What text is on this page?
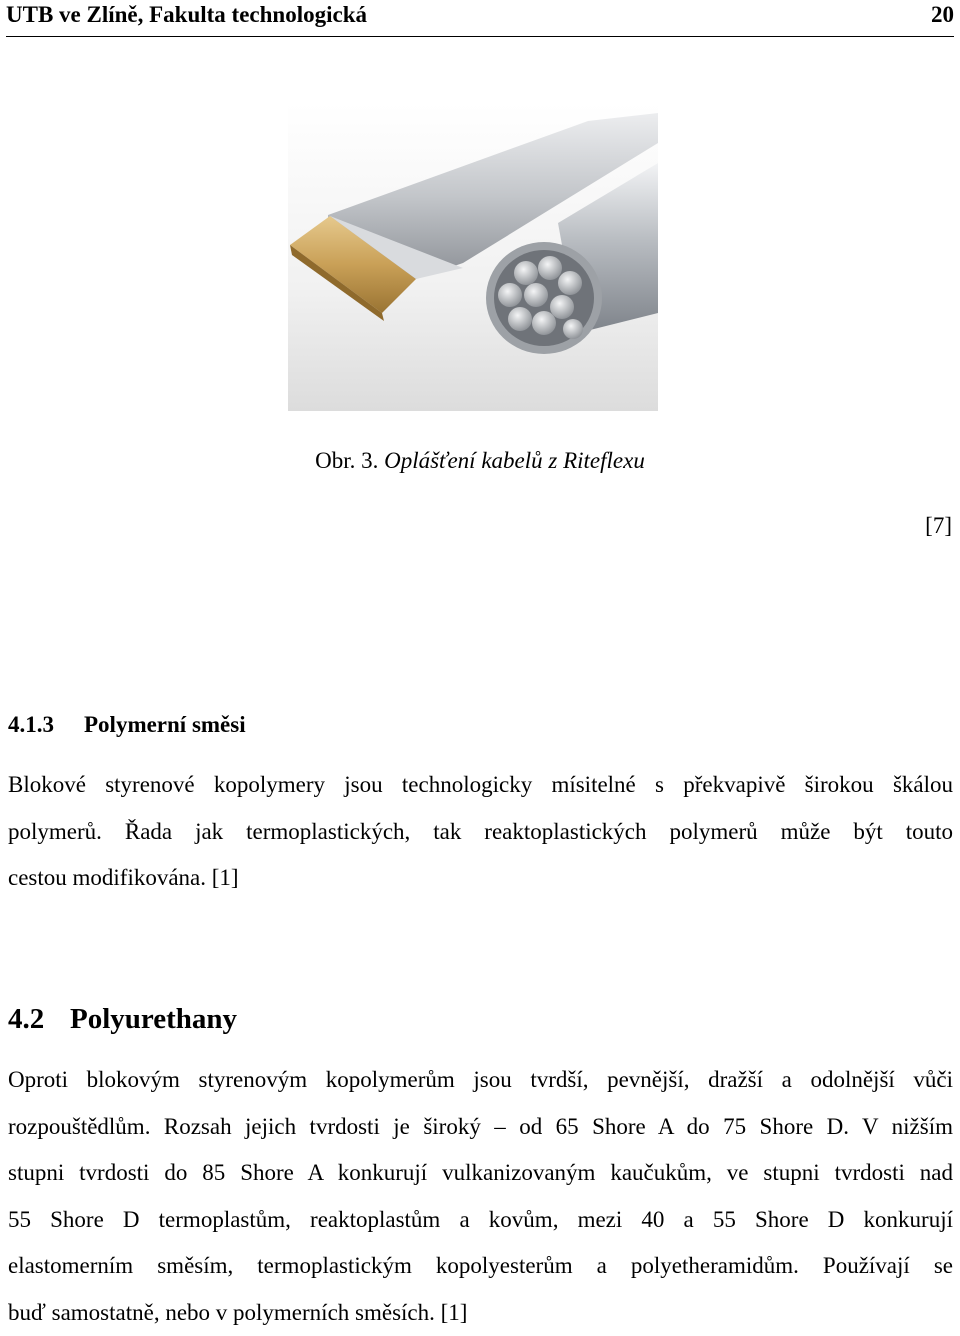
UTB ve Zlíně, Fakulta technologická	20
Obr. 3. Oplášťení kabelů z Riteflexu
[7]
4.1.3 Polymerní směsi
Blokové styrenové kopolymery jsou technologicky mísitelné s překvapivě širokou škálou
polymerů. Řada jak termoplastických, tak reaktoplastických polymerů může být touto
cestou modifikována. [1]
4.2 Polyurethany
Oproti blokovým styrenovým kopolymerům jsou tvrdší, pevnější, dražší a odolnější vůči
rozpouštědlům. Rozsah jejich tvrdosti je široký – od 65 Shore A do 75 Shore D. V nižším
stupni tvrdosti do 85 Shore A konkurují vulkanizovaným kaučukům, ve stupni tvrdosti nad
55 Shore D termoplastům, reaktoplastům a kovům, mezi 40 a 55 Shore D konkurují
elastomerním směsím, termoplastickým kopolyesterům a polyetheramidům. Používají se
buď samostatně, nebo v polymerních směsích. [1]
